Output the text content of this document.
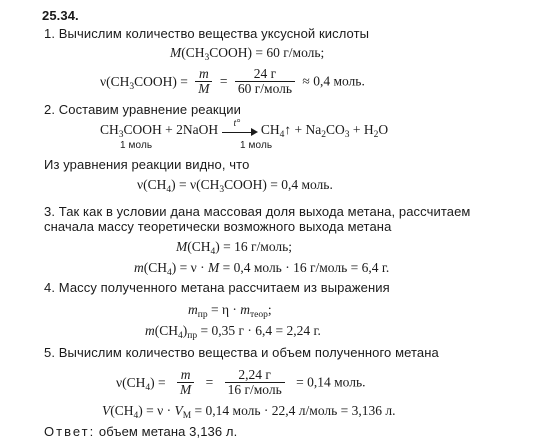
25.34.
1. Вычислим количество вещества уксусной кислоты
$M(CH_3COOH) = 60$ г/моль;
$\nu(CH_3COOH) = \frac{m}{M} = \frac{24 г}{\text{60 г/моль}} \approx 0,4$ моль.
2. Составим уравнение реакции
$CH_3COOH$ + 2NaOH t° $CH_4↑ + Na_2CO_3 + H_2O$
1 моль	1 моль
Из уравнения реакции видно, что
$\nu(CH_4)$ = $\nu(CH_3COOH) = 0,4$ моль.
3. Так как в условии дана массовая доля выхода метана, рассчитаем
сначала массу теоретически возможного выхода метана
$M(CH_4) = 16$ г/моль;
$m(CH_4) = \nu \cdot M = 0,4$ моль · 16 г/моль = 6,4 г.
4. Массу полученного метана рассчитаем из выражения
$m_{пр} = \eta \cdot m_{теор}$;
$m(CH_4)_{пр} = 0,35$ г · 6,4 = 2,24 г.
5. Вычислим количество вещества и объем полученного метана
$\nu(CH_4) = \frac{m}{M} = \frac{2,24 г}{\text{16 г/моль}} = 0,14$ моль.
$V(CH_4) = \nu \cdot V_M = 0,14$ моль · 22,4 л/моль = 3,136 л.
Ответ: объем метана 3,136 л.
